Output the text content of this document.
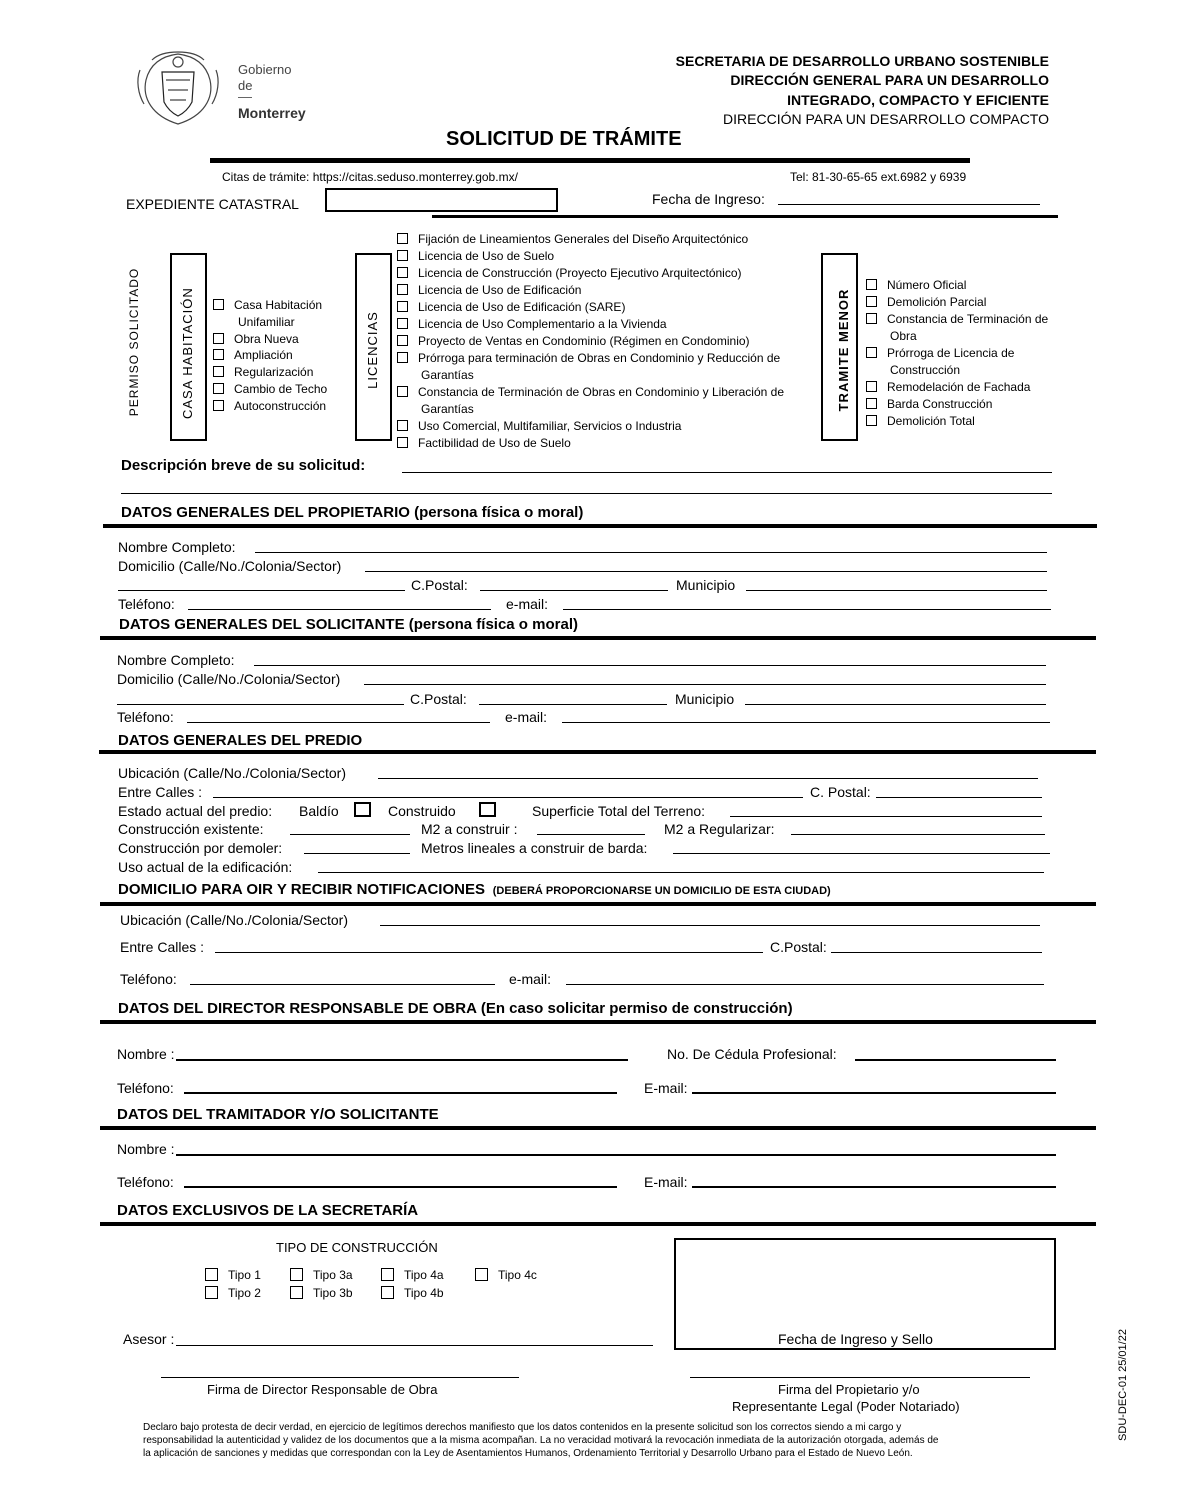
Gobierno
de
Monterrey
SECRETARIA DE DESARROLLO URBANO SOSTENIBLE
DIRECCIÓN GENERAL PARA UN DESARROLLO
INTEGRADO, COMPACTO Y EFICIENTE
DIRECCIÓN PARA UN DESARROLLO COMPACTO
SOLICITUD DE TRÁMITE
Citas de trámite: https://citas.seduso.monterrey.gob.mx/	Tel: 81-30-65-65 ext.6982 y 6939
EXPEDIENTE CATASTRAL	Fecha de Ingreso:
PERMISO SOLICITADO	CASA HABITACIÓN	Casa Habitación
Unifamiliar
Obra Nueva
Ampliación
Regularización
Cambio de Techo
Autoconstrucción
LICENCIAS
Fijación de Lineamientos Generales del Diseño Arquitectónico
Licencia de Uso de Suelo
Licencia de Construcción (Proyecto Ejecutivo Arquitectónico)
Licencia de Uso de Edificación
Licencia de Uso de Edificación (SARE)
Licencia de Uso Complementario a la Vivienda
Proyecto de Ventas en Condominio (Régimen en Condominio)
Prórroga para terminación de Obras en Condominio y Reducción de
Garantías
Constancia de Terminación de Obras en Condominio y Liberación de
Garantías
Uso Comercial, Multifamiliar, Servicios o Industria
Factibilidad de Uso de Suelo
TRAMITE MENOR
Número Oficial
Demolición Parcial
Constancia de Terminación de
Obra
Prórroga de Licencia de
Construcción
Remodelación de Fachada
Barda Construcción
Demolición Total
Descripción breve de su solicitud:
DATOS GENERALES DEL PROPIETARIO (persona física o moral)
Nombre Completo:
Domicilio (Calle/No./Colonia/Sector)
C.Postal:	Municipio
Teléfono:	e-mail:
DATOS GENERALES DEL SOLICITANTE (persona física o moral)
Nombre Completo:
Domicilio (Calle/No./Colonia/Sector)
C.Postal:	Municipio
Teléfono:	e-mail:
DATOS GENERALES DEL PREDIO
Ubicación (Calle/No./Colonia/Sector)
Entre Calles :	C. Postal:
Estado actual del predio: Baldío	Construido	Superficie Total del Terreno:
Construcción existente:	M2 a construir :	M2 a Regularizar:
Construcción por demoler:	Metros lineales a construir de barda:
Uso actual de la edificación:
DOMICILIO PARA OIR Y RECIBIR NOTIFICACIONES (DEBERÁ PROPORCIONARSE UN DOMICILIO DE ESTA CIUDAD)
Ubicación (Calle/No./Colonia/Sector)
Entre Calles :	C.Postal:
Teléfono:	e-mail:
DATOS DEL DIRECTOR RESPONSABLE DE OBRA (En caso solicitar permiso de construcción)
Nombre :	No. De Cédula Profesional:
Teléfono:	E-mail:
DATOS DEL TRAMITADOR Y/O SOLICITANTE
Nombre :
Teléfono:	E-mail:
DATOS EXCLUSIVOS DE LA SECRETARÍA
TIPO DE CONSTRUCCIÓN
Tipo 1	Tipo 3a	Tipo 4a	Tipo 4c
Tipo 2	Tipo 3b	Tipo 4b
Fecha de Ingreso y Sello
Asesor :
Firma de Director Responsable de Obra	Firma del Propietario y/o
Representante Legal (Poder Notariado)
Declaro bajo protesta de decir verdad, en ejercicio de legítimos derechos manifiesto que los datos contenidos en la presente solicitud son los correctos siendo a mi cargo y
responsabilidad la autenticidad y validez de los documentos que a la misma acompañan. La no veracidad motivará la revocación inmediata de la autorización otorgada, además de
la aplicación de sanciones y medidas que correspondan con la Ley de Asentamientos Humanos, Ordenamiento Territorial y Desarrollo Urbano para el Estado de Nuevo León.
SDU-DEC-01 25/01/22
